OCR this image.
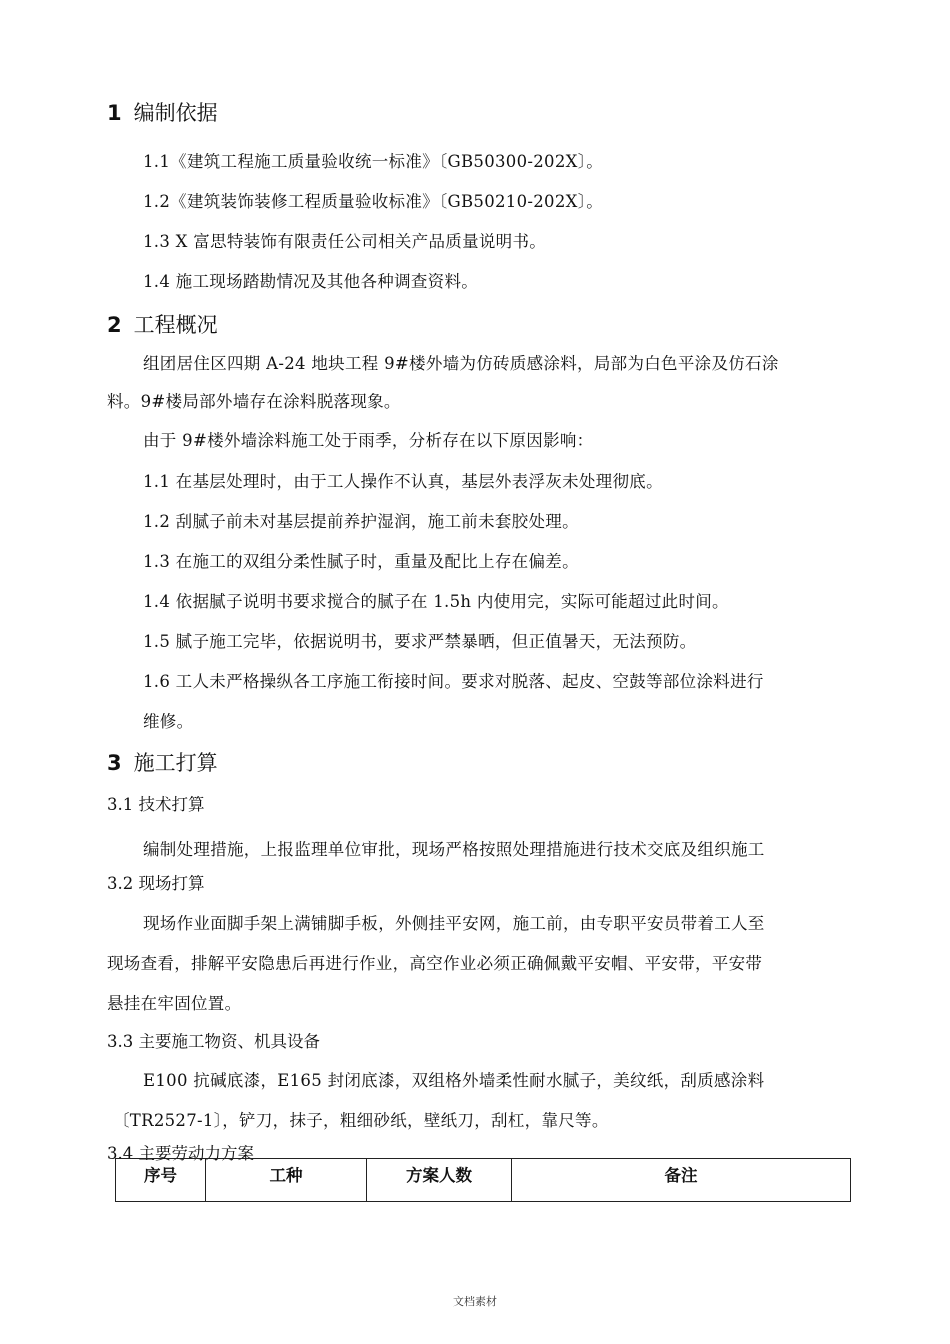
1 编制依据
1.1《建筑工程施工质量验收统一标准》〔GB50300-202X〕。
1.2《建筑装饰装修工程质量验收标准》〔GB50210-202X〕。
1.3 X 富思特装饰有限责任公司相关产品质量说明书。
1.4 施工现场踏勘情况及其他各种调查资料。
2 工程概况
组团居住区四期 A-24 地块工程 9#楼外墙为仿砖质感涂料，局部为白色平涂及仿石涂
料。9#楼局部外墙存在涂料脱落现象。
由于 9#楼外墙涂料施工处于雨季，分析存在以下原因影响：
1.1 在基层处理时，由于工人操作不认真，基层外表浮灰未处理彻底。
1.2 刮腻子前未对基层提前养护湿润，施工前未套胶处理。
1.3 在施工的双组分柔性腻子时，重量及配比上存在偏差。
1.4 依据腻子说明书要求搅合的腻子在 1.5h 内使用完，实际可能超过此时间。
1.5 腻子施工完毕，依据说明书，要求严禁暴晒，但正值暑天，无法预防。
1.6 工人未严格操纵各工序施工衔接时间。要求对脱落、起皮、空鼓等部位涂料进行
维修。
3 施工打算
3.1 技术打算
编制处理措施，上报监理单位审批，现场严格按照处理措施进行技术交底及组织施工
3.2 现场打算
现场作业面脚手架上满铺脚手板，外侧挂平安网，施工前，由专职平安员带着工人至
现场查看，排解平安隐患后再进行作业，高空作业必须正确佩戴平安帽、平安带，平安带
悬挂在牢固位置。
3.3 主要施工物资、机具设备
E100 抗碱底漆，E165 封闭底漆，双组格外墙柔性耐水腻子，美纹纸，刮质感涂料
〔TR2527-1〕，铲刀，抹子，粗细砂纸，壁纸刀，刮杠，靠尺等。
3.4 主要劳动力方案
序号	工种	方案人数	备注
文档素材
